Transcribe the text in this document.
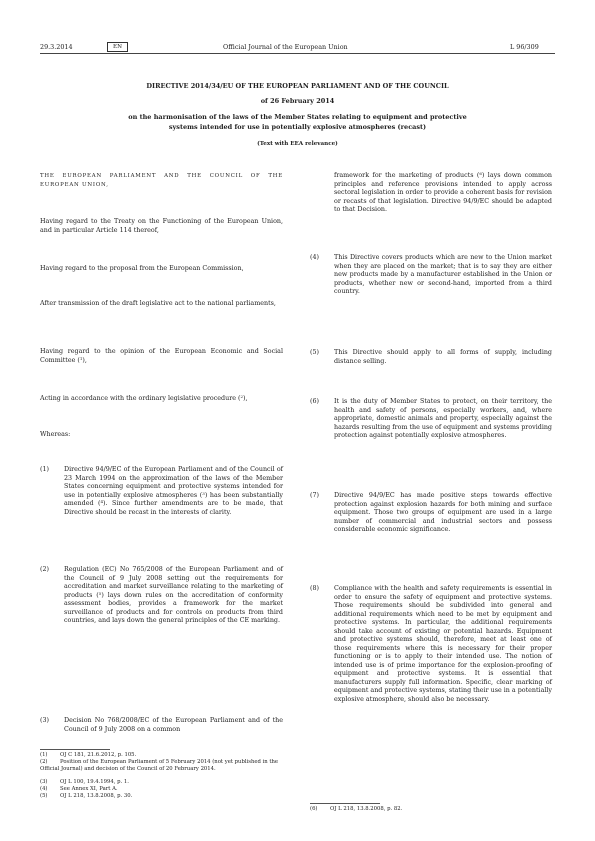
29.3.2014	EN	Official Journal of the European Union	L 96/309
DIRECTIVE 2014/34/EU OF THE EUROPEAN PARLIAMENT AND OF THE COUNCIL
of 26 February 2014
on the harmonisation of the laws of the Member States relating to equipment and protective
systems intended for use in potentially explosive atmospheres (recast)
(Text with EEA relevance)
THE EUROPEAN PARLIAMENT AND THE COUNCIL OF THE EUROPEAN UNION,
Having regard to the Treaty on the Functioning of the European Union, and in particular Article 114 thereof,
Having regard to the proposal from the European Commission,
After transmission of the draft legislative act to the national parliaments,
Having regard to the opinion of the European Economic and Social Committee ($^1$),
Acting in accordance with the ordinary legislative procedure ($^2$),
Whereas:
(1) Directive 94/9/EC of the European Parliament and of the Council of 23 March 1994 on the approximation of the laws of the Member States concerning equipment and protective systems intended for use in potentially explosive atmospheres ($^3$) has been substantially amended ($^4$). Since further amendments are to be made, that Directive should be recast in the interests of clarity.
(2) Regulation (EC) No 765/2008 of the European Parliament and of the Council of 9 July 2008 setting out the requirements for accreditation and market surveillance relating to the marketing of products ($^5$) lays down rules on the accreditation of conformity assessment bodies, provides a framework for the market surveillance of products and for controls on products from third countries, and lays down the general principles of the CE marking.
(3) Decision No 768/2008/EC of the European Parliament and of the Council of 9 July 2008 on a common
(1) OJ C 181, 21.6.2012, p. 105.
(2) Position of the European Parliament of 5 February 2014 (not yet published in the Official Journal) and decision of the Council of 20 February 2014.
(3) OJ L 100, 19.4.1994, p. 1.
(4) See Annex XI, Part A.
(5) OJ L 218, 13.8.2008, p. 30.
framework for the marketing of products ($^6$) lays down common principles and reference provisions intended to apply across sectoral legislation in order to provide a coherent basis for revision or recasts of that legislation. Directive 94/9/EC should be adapted to that Decision.
(4) This Directive covers products which are new to the Union market when they are placed on the market; that is to say they are either new products made by a manufacturer established in the Union or products, whether new or second-hand, imported from a third country.
(5) This Directive should apply to all forms of supply, including distance selling.
(6) It is the duty of Member States to protect, on their territory, the health and safety of persons, especially workers, and, where appropriate, domestic animals and property, especially against the hazards resulting from the use of equipment and systems providing protection against potentially explosive atmospheres.
(7) Directive 94/9/EC has made positive steps towards effective protection against explosion hazards for both mining and surface equipment. Those two groups of equipment are used in a large number of commercial and industrial sectors and possess considerable economic significance.
(8) Compliance with the health and safety requirements is essential in order to ensure the safety of equipment and protective systems. Those requirements should be subdivided into general and additional requirements which need to be met by equipment and protective systems. In particular, the additional requirements should take account of existing or potential hazards. Equipment and protective systems should, therefore, meet at least one of those requirements where this is necessary for their proper functioning or is to apply to their intended use. The notion of intended use is of prime importance for the explosion-proofing of equipment and protective systems. It is essential that manufacturers supply full information. Specific, clear marking of equipment and protective systems, stating their use in a potentially explosive atmosphere, should also be necessary.
(6) OJ L 218, 13.8.2008, p. 82.
